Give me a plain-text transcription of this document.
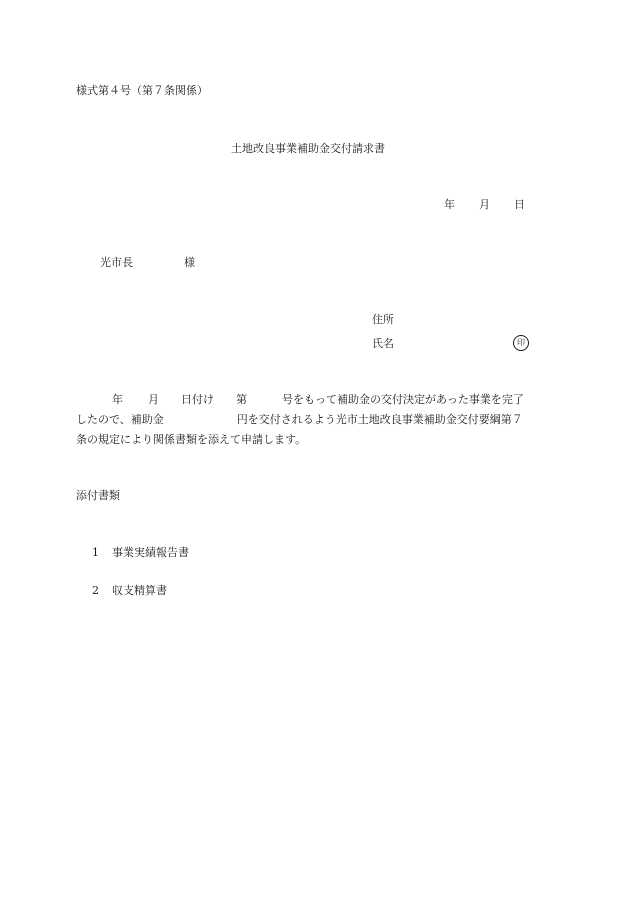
様式第４号（第７条関係）
土地改良事業補助金交付請求書
年 月 日
光市長	様
住所
氏名	印
年 月 日付け 第	号をもって補助金の交付決定があった事業を完了
したので、補助金	円を交付されるよう光市土地改良事業補助金交付要綱第７
条の規定により関係書類を添えて申請します。
添付書類
1 事業実績報告書
2 収支精算書
